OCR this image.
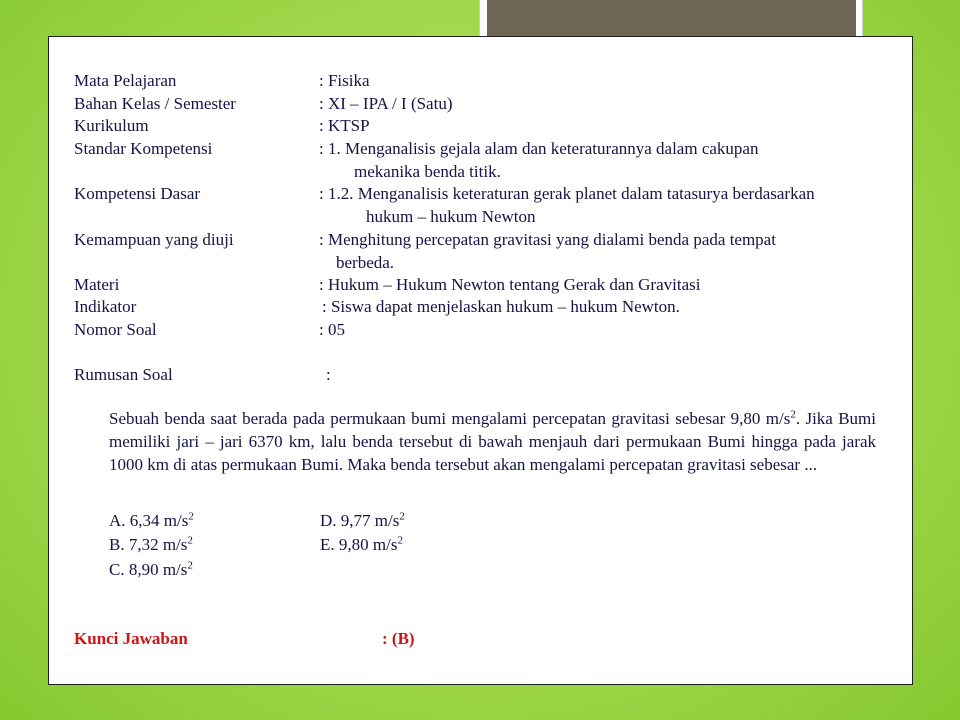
Mata Pelajaran	: Fisika
Bahan Kelas / Semester	: XI – IPA / I (Satu)
Kurikulum	: KTSP
Standar Kompetensi	: 1. Menganalisis gejala alam dan keteraturannya dalam cakupan
mekanika benda titik.
Kompetensi Dasar	: 1.2. Menganalisis keteraturan gerak planet dalam tatasurya berdasarkan
hukum – hukum Newton
Kemampuan yang diuji	: Menghitung percepatan gravitasi yang dialami benda pada tempat
berbeda.
Materi	: Hukum – Hukum Newton tentang Gerak dan Gravitasi
Indikator	: Siswa dapat menjelaskan hukum – hukum Newton.
Nomor Soal	: 05
Rumusan Soal	:

Sebuah benda saat berada pada permukaan bumi mengalami percepatan gravitasi sebesar 9,80 $m/s^2$. Jika Bumi memiliki jari – jari 6370 km, lalu benda tersebut di bawah menjauh dari permukaan Bumi hingga pada jarak 1000 km di atas permukaan Bumi. Maka benda tersebut akan mengalami percepatan gravitasi sebesar ...

A. 6,34 $m/s^2$
B. 7,32 $m/s^2$
C. 8,90 $m/s^2$
D. 9,77 $m/s^2$
E. 9,80 $m/s^2$
Kunci Jawaban	: (B)
